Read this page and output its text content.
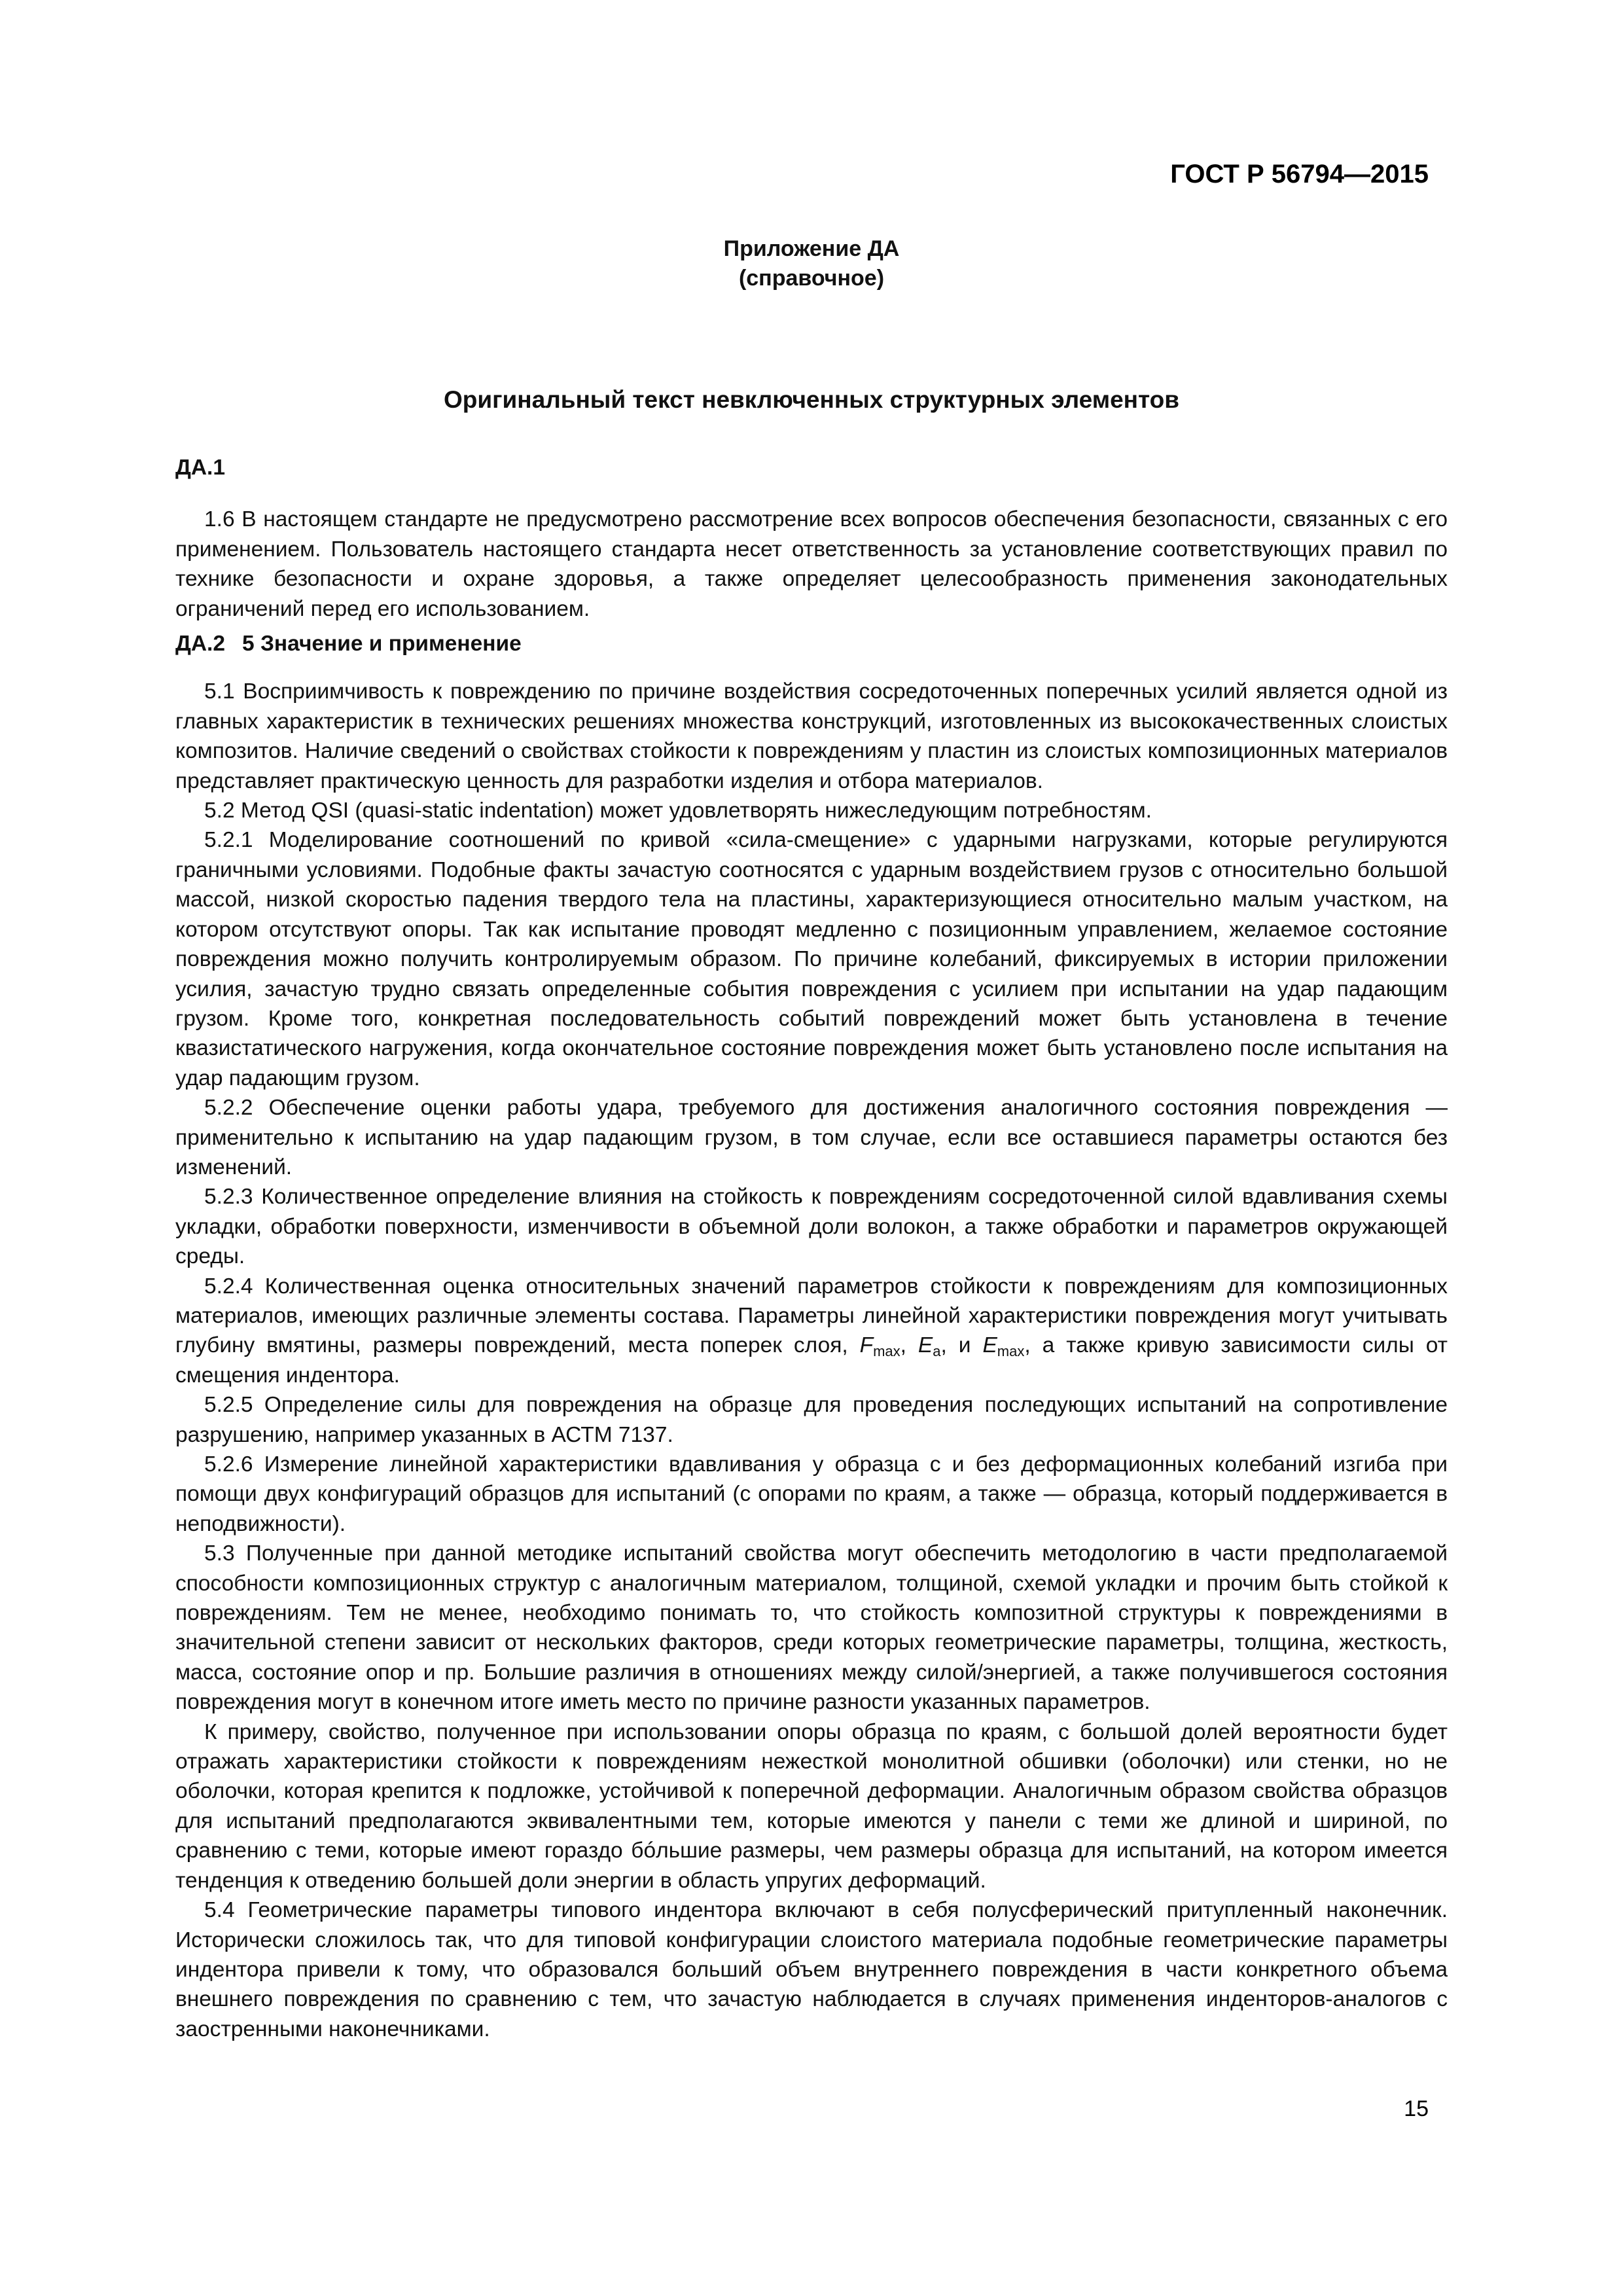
ГОСТ Р 56794—2015
Приложение ДА
(справочное)
Оригинальный текст невключенных структурных элементов
ДА.1

1.6 В настоящем стандарте не предусмотрено рассмотрение всех вопросов обеспечения безопасности, связанных с его применением. Пользователь настоящего стандарта несет ответственность за установление соответствующих правил по технике безопасности и охране здоровья, а также определяет целесообразность применения законодательных ограничений перед его использованием.

ДА.2 5 Значение и применение

5.1 Восприимчивость к повреждению по причине воздействия сосредоточенных поперечных усилий является одной из главных характеристик в технических решениях множества конструкций, изготовленных из высококачественных слоистых композитов. Наличие сведений о свойствах стойкости к повреждениям у пластин из слоистых композиционных материалов представляет практическую ценность для разработки изделия и отбора материалов.

5.2 Метод QSI (quasi-static indentation) может удовлетворять нижеследующим потребностям.

5.2.1 Моделирование соотношений по кривой «сила-смещение» с ударными нагрузками, которые регулируются граничными условиями. Подобные факты зачастую соотносятся с ударным воздействием грузов с относительно большой массой, низкой скоростью падения твердого тела на пластины, характеризующиеся относительно малым участком, на котором отсутствуют опоры. Так как испытание проводят медленно с позиционным управлением, желаемое состояние повреждения можно получить контролируемым образом. По причине колебаний, фиксируемых в истории приложении усилия, зачастую трудно связать определенные события повреждения с усилием при испытании на удар падающим грузом. Кроме того, конкретная последовательность событий повреждений может быть установлена в течение квазистатического нагружения, когда окончательное состояние повреждения может быть установлено после испытания на удар падающим грузом.

5.2.2 Обеспечение оценки работы удара, требуемого для достижения аналогичного состояния повреждения — применительно к испытанию на удар падающим грузом, в том случае, если все оставшиеся параметры остаются без изменений.

5.2.3 Количественное определение влияния на стойкость к повреждениям сосредоточенной силой вдавливания схемы укладки, обработки поверхности, изменчивости в объемной доли волокон, а также обработки и параметров окружающей среды.

5.2.4 Количественная оценка относительных значений параметров стойкости к повреждениям для композиционных материалов, имеющих различные элементы состава. Параметры линейной характеристики повреждения могут учитывать глубину вмятины, размеры повреждений, места поперек слоя, $F_{max}$, $E_a$, и $E_{max}$, а также кривую зависимости силы от смещения индентора.

5.2.5 Определение силы для повреждения на образце для проведения последующих испытаний на сопротивление разрушению, например указанных в АСТМ 7137.

5.2.6 Измерение линейной характеристики вдавливания у образца с и без деформационных колебаний изгиба при помощи двух конфигураций образцов для испытаний (с опорами по краям, а также — образца, который поддерживается в неподвижности).

5.3 Полученные при данной методике испытаний свойства могут обеспечить методологию в части предполагаемой способности композиционных структур с аналогичным материалом, толщиной, схемой укладки и прочим быть стойкой к повреждениям. Тем не менее, необходимо понимать то, что стойкость композитной структуры к повреждениями в значительной степени зависит от нескольких факторов, среди которых геометрические параметры, толщина, жесткость, масса, состояние опор и пр. Большие различия в отношениях между силой/энергией, а также получившегося состояния повреждения могут в конечном итоге иметь место по причине разности указанных параметров.

К примеру, свойство, полученное при использовании опоры образца по краям, с большой долей вероятности будет отражать характеристики стойкости к повреждениям нежесткой монолитной обшивки (оболочки) или стенки, но не оболочки, которая крепится к подложке, устойчивой к поперечной деформации. Аналогичным образом свойства образцов для испытаний предполагаются эквивалентными тем, которые имеются у панели с теми же длиной и шириной, по сравнению с теми, которые имеют гораздо бóльшие размеры, чем размеры образца для испытаний, на котором имеется тенденция к отведению большей доли энергии в область упругих деформаций.

5.4 Геометрические параметры типового индентора включают в себя полусферический притупленный наконечник. Исторически сложилось так, что для типовой конфигурации слоистого материала подобные геометрические параметры индентора привели к тому, что образовался больший объем внутреннего повреждения в части конкретного объема внешнего повреждения по сравнению с тем, что зачастую наблюдается в случаях применения инденторов-аналогов с заостренными наконечниками.

15
